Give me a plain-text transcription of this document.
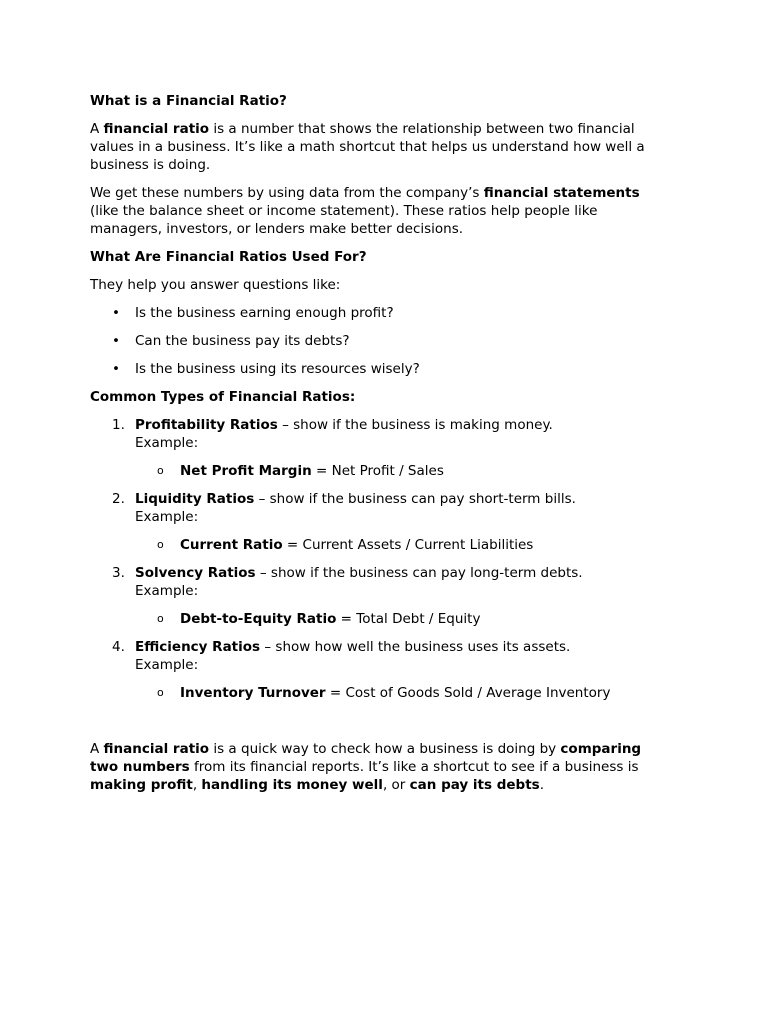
What is a Financial Ratio?

A financial ratio is a number that shows the relationship between two financial values in a business. It’s like a math shortcut that helps us understand how well a business is doing.

We get these numbers by using data from the company’s financial statements (like the balance sheet or income statement). These ratios help people like managers, investors, or lenders make better decisions.

What Are Financial Ratios Used For?

They help you answer questions like:

• Is the business earning enough profit?
• Can the business pay its debts?
• Is the business using its resources wisely?

Common Types of Financial Ratios:

1. Profitability Ratios – show if the business is making money.
Example:
o Net Profit Margin = Net Profit / Sales
2. Liquidity Ratios – show if the business can pay short-term bills.
Example:
o Current Ratio = Current Assets / Current Liabilities
3. Solvency Ratios – show if the business can pay long-term debts.
Example:
o Debt-to-Equity Ratio = Total Debt / Equity
4. Efficiency Ratios – show how well the business uses its assets.
Example:
o Inventory Turnover = Cost of Goods Sold / Average Inventory

A financial ratio is a quick way to check how a business is doing by comparing two numbers from its financial reports. It’s like a shortcut to see if a business is making profit, handling its money well, or can pay its debts.
